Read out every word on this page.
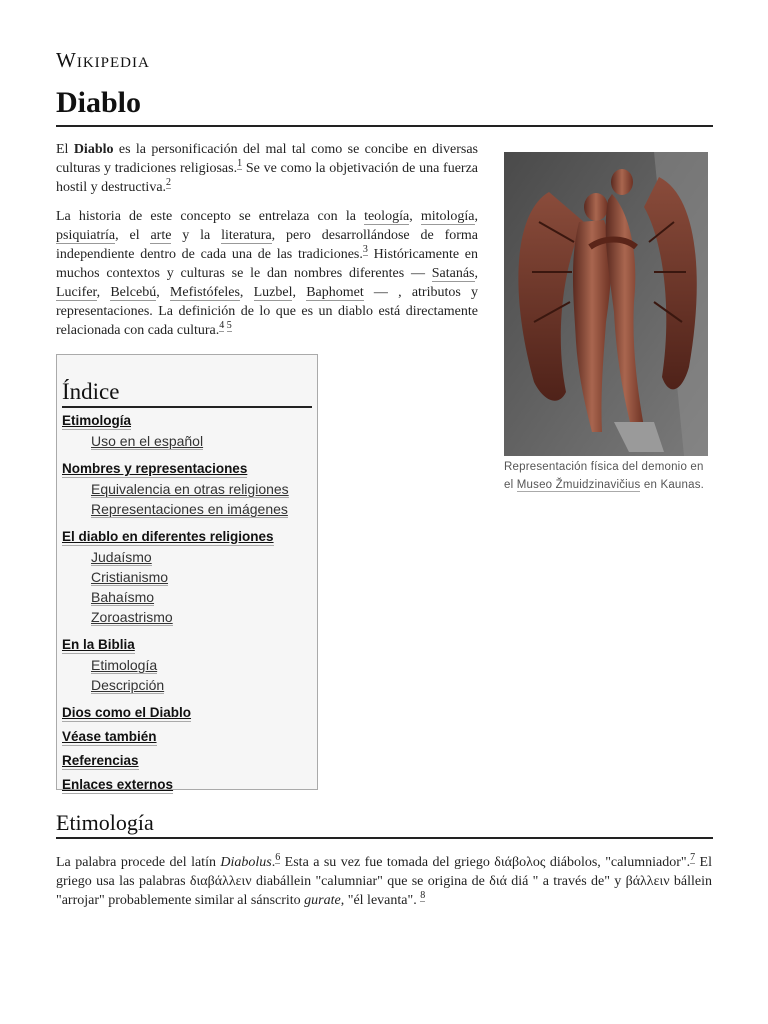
Wikipedia
Diablo

El Diablo es la personificación del mal tal como se concibe en diversas culturas y tradiciones religiosas.$^1$ Se ve como la objetivación de una fuerza hostil y destructiva.$^2$

La historia de este concepto se entrelaza con la teología, mitología, psiquiatría, el arte y la literatura, pero desarrollándose de forma independiente dentro de cada una de las tradiciones.$^3$ Históricamente en muchos contextos y culturas se le dan nombres diferentes — Satanás, Lucifer, Belcebú, Mefistófeles, Luzbel, Baphomet — , atributos y representaciones. La definición de lo que es un diablo está directamente relacionada con cada cultura.$^{4 5}$

Representación física del demonio en el Museo Žmuidzinavičius en Kaunas.
Índice
Etimología
Uso en el español
Nombres y representaciones
Equivalencia en otras religiones
Representaciones en imágenes
El diablo en diferentes religiones
Judaísmo
Cristianismo
Bahaísmo
Zoroastrismo
En la Biblia
Etimología
Descripción
Dios como el Diablo
Véase también
Referencias
Enlaces externos
Etimología

La palabra procede del latín Diabolus.$^6$ Esta a su vez fue tomada del griego διάβολος diábolos, "calumniador".$^7$ El griego usa las palabras διαβάλλειν diabállein "calumniar" que se origina de διά diá " a través de" y βάλλειν bállein "arrojar" probablemente similar al sánscrito gurate, "él levanta". $^8$
